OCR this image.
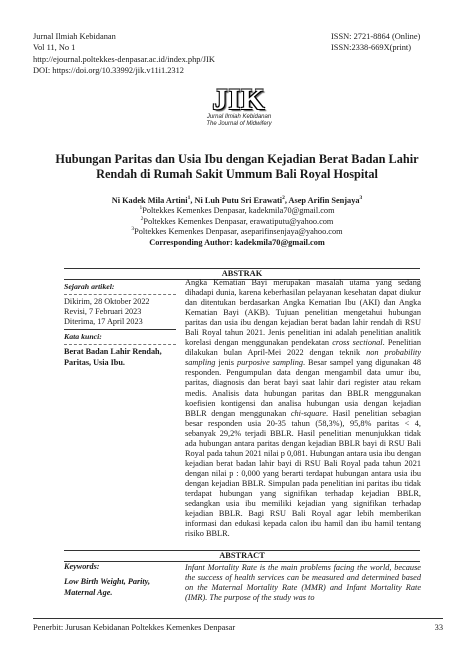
Jurnal Ilmiah Kebidanan	ISSN: 2721-8864 (Online)
Vol 11, No 1	ISSN:2338-669X(print)
http://ejournal.poltekkes-denpasar.ac.id/index.php/JIK
DOI: https://doi.org/10.33992/jik.v11i1.2312
JIK
Jurnal Ilmiah Kebidanan
The Journal of Midwifery
Hubungan Paritas dan Usia Ibu dengan Kejadian Berat Badan Lahir
Rendah di Rumah Sakit Ummum Bali Royal Hospital
Ni Kadek Mila Artini$^1$, Ni Luh Putu Sri Erawati$^2$, Asep Arifin Senjaya$^3$
$^1$Poltekkes Kemenkes Denpasar, kadekmila70@gmail.com
$^2$Poltekkes Kemenkes Denpasar, erawatiputu@yahoo.com
$^3$Poltekkes Kemenkes Denpasar, aseparifinsenjaya@yahoo.com
Corresponding Author: kadekmila70@gmail.com
ABSTRAK
Sejarah artikel:
Dikirim, 28 Oktober 2022
Revisi, 7 Februari 2023
Diterima, 17 April 2023
Kata kunci:
Berat Badan Lahir Rendah, Paritas, Usia Ibu.
Angka Kematian Bayi merupakan masalah utama yang sedang dihadapi dunia, karena keberhasilan pelayanan kesehatan dapat diukur dan ditentukan berdasarkan Angka Kematian Ibu (AKI) dan Angka Kematian Bayi (AKB). Tujuan penelitian mengetahui hubungan paritas dan usia ibu dengan kejadian berat badan lahir rendah di RSU Bali Royal tahun 2021. Jenis penelitian ini adalah penelitian analitik korelasi dengan menggunakan pendekatan cross sectional. Penelitian dilakukan bulan April-Mei 2022 dengan teknik non probability sampling jenis purposive sampling. Besar sampel yang digunakan 48 responden. Pengumpulan data dengan mengambil data umur ibu, paritas, diagnosis dan berat bayi saat lahir dari register atau rekam medis. Analisis data hubungan paritas dan BBLR menggunakan koefisien kontigensi dan analisa hubungan usia dengan kejadian BBLR dengan menggunakan chi-square. Hasil penelitian sebagian besar responden usia 20-35 tahun (58,3%), 95,8% paritas < 4, sebanyak 29,2% terjadi BBLR. Hasil penelitian menunjukkan tidak ada hubungan antara paritas dengan kejadian BBLR bayi di RSU Bali Royal pada tahun 2021 nilai p 0,081. Hubungan antara usia ibu dengan kejadian berat badan lahir bayi di RSU Bali Royal pada tahun 2021 dengan nilai p : 0,000 yang berarti terdapat hubungan antara usia ibu dengan kejadian BBLR. Simpulan pada penelitian ini paritas ibu tidak terdapat hubungan yang signifikan terhadap kejadian BBLR, sedangkan usia ibu memiliki kejadian yang signifikan terhadap kejadian BBLR. Bagi RSU Bali Royal agar lebih memberikan informasi dan edukasi kepada calon ibu hamil dan ibu hamil tentang risiko BBLR.
ABSTRACT
Keywords:
Low Birth Weight, Parity, Maternal Age.
Infant Mortality Rate is the main problems facing the world, because the success of health services can be measured and determined based on the Maternal Mortality Rate (MMR) and Infant Mortality Rate (IMR). The purpose of the study was to
Penerbit: Jurusan Kebidanan Poltekkes Kemenkes Denpasar	33
